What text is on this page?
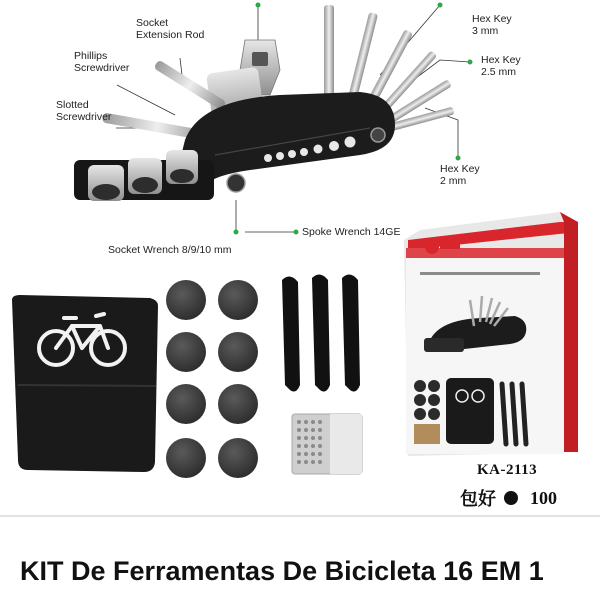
Socket
Extension Rod
Phillips
Screwdriver
Slotted
Screwdriver
Hex Key
3 mm
Hex Key
2.5 mm
Hex Key
2 mm
Spoke Wrench 14GE
Socket Wrench 8/9/10 mm
KA-2113
包好 100
KIT De Ferramentas De Bicicleta 16 EM 1
